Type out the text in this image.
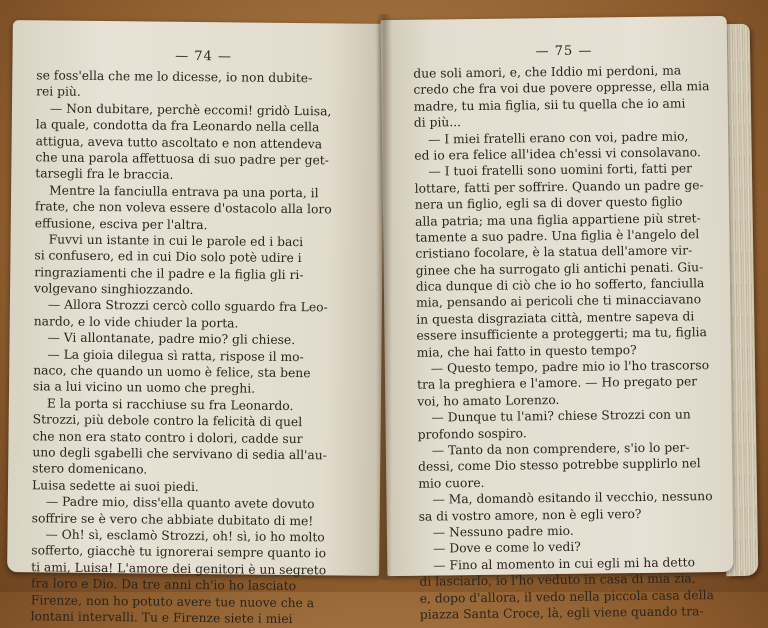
— 74 —
se foss'ella che me lo dicesse, io non dubite-
rei più.
— Non dubitare, perchè eccomi! gridò Luisa,
la quale, condotta da fra Leonardo nella cella
attigua, aveva tutto ascoltato e non attendeva
che una parola affettuosa di suo padre per get-
tarsegli fra le braccia.
Mentre la fanciulla entrava pa una porta, il
frate, che non voleva essere d'ostacolo alla loro
effusione, esciva per l'altra.
Fuvvi un istante in cui le parole ed i baci
si confusero, ed in cui Dio solo potè udire i
ringraziamenti che il padre e la figlia gli ri-
volgevano singhiozzando.
— Allora Strozzi cercò collo sguardo fra Leo-
nardo, e lo vide chiuder la porta.
— Vi allontanate, padre mio? gli chiese.
— La gioia dilegua sì ratta, rispose il mo-
naco, che quando un uomo è felice, sta bene
sia a lui vicino un uomo che preghi.
E la porta si racchiuse su fra Leonardo.
Strozzi, più debole contro la felicità di quel
che non era stato contro i dolori, cadde sur
uno degli sgabelli che servivano di sedia all'au-
stero domenicano.
Luisa sedette ai suoi piedi.
— Padre mio, diss'ella quanto avete dovuto
soffrire se è vero che abbiate dubitato di me!
— Oh! sì, esclamò Strozzi, oh! sì, io ho molto
sofferto, giacchè tu ignorerai sempre quanto io
ti ami, Luisa! L'amore dei genitori è un segreto
fra loro e Dio. Da tre anni ch'io ho lasciato
Firenze, non ho potuto avere tue nuove che a
lontani intervalli. Tu e Firenze siete i miei
— 75 —
due soli amori, e, che Iddio mi perdoni, ma
credo che fra voi due povere oppresse, ella mia
madre, tu mia figlia, sii tu quella che io ami
di più...
— I miei fratelli erano con voi, padre mio,
ed io era felice all'idea ch'essi vi consolavano.
— I tuoi fratelli sono uomini forti, fatti per
lottare, fatti per soffrire. Quando un padre ge-
nera un figlio, egli sa di dover questo figlio
alla patria; ma una figlia appartiene più stret-
tamente a suo padre. Una figlia è l'angelo del
cristiano focolare, è la statua dell'amore vir-
ginee che ha surrogato gli antichi penati. Giu-
dica dunque di ciò che io ho sofferto, fanciulla
mia, pensando ai pericoli che ti minacciavano
in questa disgraziata città, mentre sapeva di
essere insufficiente a proteggerti; ma tu, figlia
mia, che hai fatto in questo tempo?
— Questo tempo, padre mio io l'ho trascorso
tra la preghiera e l'amore. — Ho pregato per
voi, ho amato Lorenzo.
— Dunque tu l'ami? chiese Strozzi con un
profondo sospiro.
— Tanto da non comprendere, s'io lo per-
dessi, come Dio stesso potrebbe supplirlo nel
mio cuore.
— Ma, domandò esitando il vecchio, nessuno
sa di vostro amore, non è egli vero?
— Nessuno padre mio.
— Dove e come lo vedi?
— Fino al momento in cui egli mi ha detto
di lasciarlo, io l'ho veduto in casa di mia zia,
e, dopo d'allora, il vedo nella piccola casa della
piazza Santa Croce, là, egli viene quando tra-
